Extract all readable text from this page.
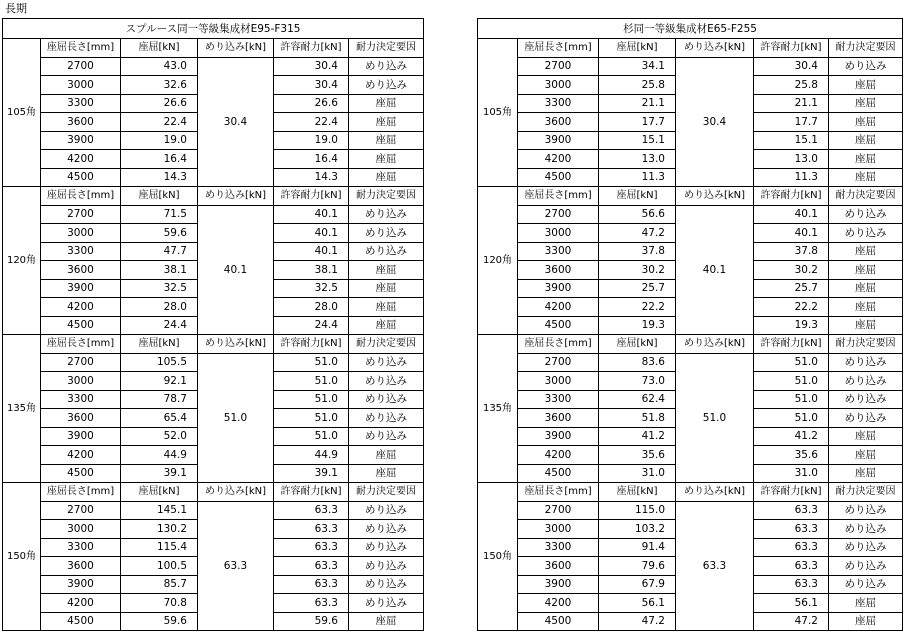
長期
スプルース同一等級集成材E95-F315					
105角	座屈長さ[mm]	座屈[kN]	めり込み[kN]	許容耐力[kN]	耐力決定要因
	2700	43.0	30.4	30.4	めり込み
	3000	32.6		30.4	めり込み
	3300	26.6		26.6	座屈
	3600	22.4		22.4	座屈
	3900	19.0		19.0	座屈
	4200	16.4		16.4	座屈
	4500	14.3		14.3	座屈
120角	座屈長さ[mm]	座屈[kN]	めり込み[kN]	許容耐力[kN]	耐力決定要因
	2700	71.5	40.1	40.1	めり込み
	3000	59.6		40.1	めり込み
	3300	47.7		40.1	めり込み
	3600	38.1		38.1	座屈
	3900	32.5		32.5	座屈
	4200	28.0		28.0	座屈
	4500	24.4		24.4	座屈
135角	座屈長さ[mm]	座屈[kN]	めり込み[kN]	許容耐力[kN]	耐力決定要因
	2700	105.5	51.0	51.0	めり込み
	3000	92.1		51.0	めり込み
	3300	78.7		51.0	めり込み
	3600	65.4		51.0	めり込み
	3900	52.0		51.0	めり込み
	4200	44.9		44.9	座屈
	4500	39.1		39.1	座屈
150角	座屈長さ[mm]	座屈[kN]	めり込み[kN]	許容耐力[kN]	耐力決定要因
	2700	145.1	63.3	63.3	めり込み
	3000	130.2		63.3	めり込み
	3300	115.4		63.3	めり込み
	3600	100.5		63.3	めり込み
	3900	85.7		63.3	めり込み
	4200	70.8		63.3	めり込み
	4500	59.6		59.6	座屈
杉同一等級集成材E65-F255					
105角	座屈長さ[mm]	座屈[kN]	めり込み[kN]	許容耐力[kN]	耐力決定要因
	2700	34.1	30.4	30.4	めり込み
	3000	25.8		25.8	座屈
	3300	21.1		21.1	座屈
	3600	17.7		17.7	座屈
	3900	15.1		15.1	座屈
	4200	13.0		13.0	座屈
	4500	11.3		11.3	座屈
120角	座屈長さ[mm]	座屈[kN]	めり込み[kN]	許容耐力[kN]	耐力決定要因
	2700	56.6	40.1	40.1	めり込み
	3000	47.2		40.1	めり込み
	3300	37.8		37.8	座屈
	3600	30.2		30.2	座屈
	3900	25.7		25.7	座屈
	4200	22.2		22.2	座屈
	4500	19.3		19.3	座屈
135角	座屈長さ[mm]	座屈[kN]	めり込み[kN]	許容耐力[kN]	耐力決定要因
	2700	83.6	51.0	51.0	めり込み
	3000	73.0		51.0	めり込み
	3300	62.4		51.0	めり込み
	3600	51.8		51.0	めり込み
	3900	41.2		41.2	座屈
	4200	35.6		35.6	座屈
	4500	31.0		31.0	座屈
150角	座屈長さ[mm]	座屈[kN]	めり込み[kN]	許容耐力[kN]	耐力決定要因
	2700	115.0	63.3	63.3	めり込み
	3000	103.2		63.3	めり込み
	3300	91.4		63.3	めり込み
	3600	79.6		63.3	めり込み
	3900	67.9		63.3	めり込み
	4200	56.1		56.1	座屈
	4500	47.2		47.2	座屈
